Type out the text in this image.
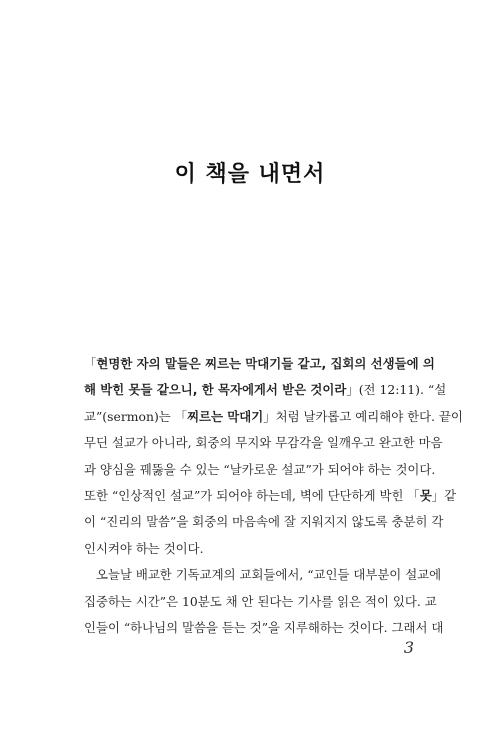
이 책을 내면서
「현명한 자의 말들은 찌르는 막대기들 같고, 집회의 선생들에 의
해 박힌 못들 같으니, 한 목자에게서 받은 것이라」(전 12:11). “설
교”(sermon)는 「찌르는 막대기」처럼 날카롭고 예리해야 한다. 끝이
무딘 설교가 아니라, 회중의 무지와 무감각을 일깨우고 완고한 마음
과 양심을 꿰뚫을 수 있는 “날카로운 설교”가 되어야 하는 것이다.
또한 “인상적인 설교”가 되어야 하는데, 벽에 단단하게 박힌 「못」같
이 “진리의 말씀”을 회중의 마음속에 잘 지워지지 않도록 충분히 각
인시켜야 하는 것이다.
오늘날 배교한 기독교계의 교회들에서, “교인들 대부분이 설교에
집중하는 시간”은 10분도 채 안 된다는 기사를 읽은 적이 있다. 교
인들이 “하나님의 말씀을 듣는 것”을 지루해하는 것이다. 그래서 대
3
